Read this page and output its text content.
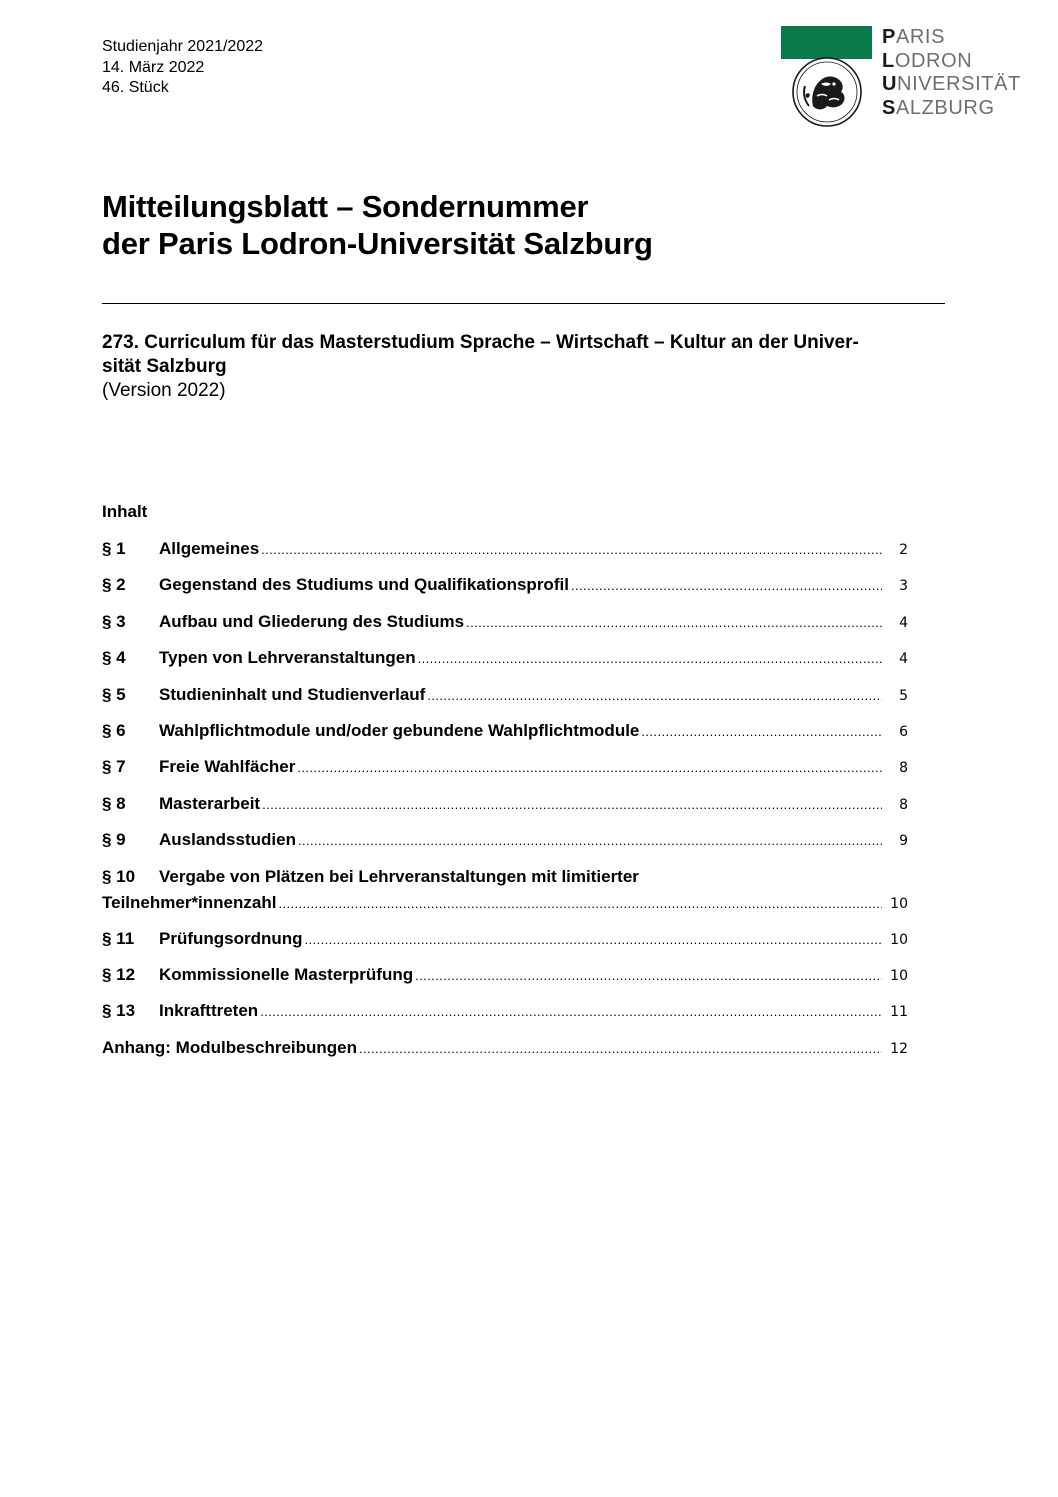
Studienjahr 2021/2022
14. März 2022
46. Stück
PARIS
LODRON
UNIVERSITÄT
SALZBURG
Mitteilungsblatt – Sondernummer
der Paris Lodron-Universität Salzburg
273. Curriculum für das Masterstudium Sprache – Wirtschaft – Kultur an der Univer-
sität Salzburg
(Version 2022)
Inhalt
§ 1	Allgemeines .....	2
§ 2	Gegenstand des Studiums und Qualifikationsprofil .....	3
§ 3	Aufbau und Gliederung des Studiums .....	4
§ 4	Typen von Lehrveranstaltungen .....	4
§ 5	Studieninhalt und Studienverlauf .....	5
§ 6	Wahlpflichtmodule und/oder gebundene Wahlpflichtmodule .....	6
§ 7	Freie Wahlfächer .....	8
§ 8	Masterarbeit .....	8
§ 9	Auslandsstudien .....	9
§ 10	Vergabe von Plätzen bei Lehrveranstaltungen mit limitierter
Teilnehmer*innenzahl .....	10
§ 11	Prüfungsordnung .....	10
§ 12	Kommissionelle Masterprüfung .....	10
§ 13	Inkrafttreten .....	11
Anhang: Modulbeschreibungen .....	12
